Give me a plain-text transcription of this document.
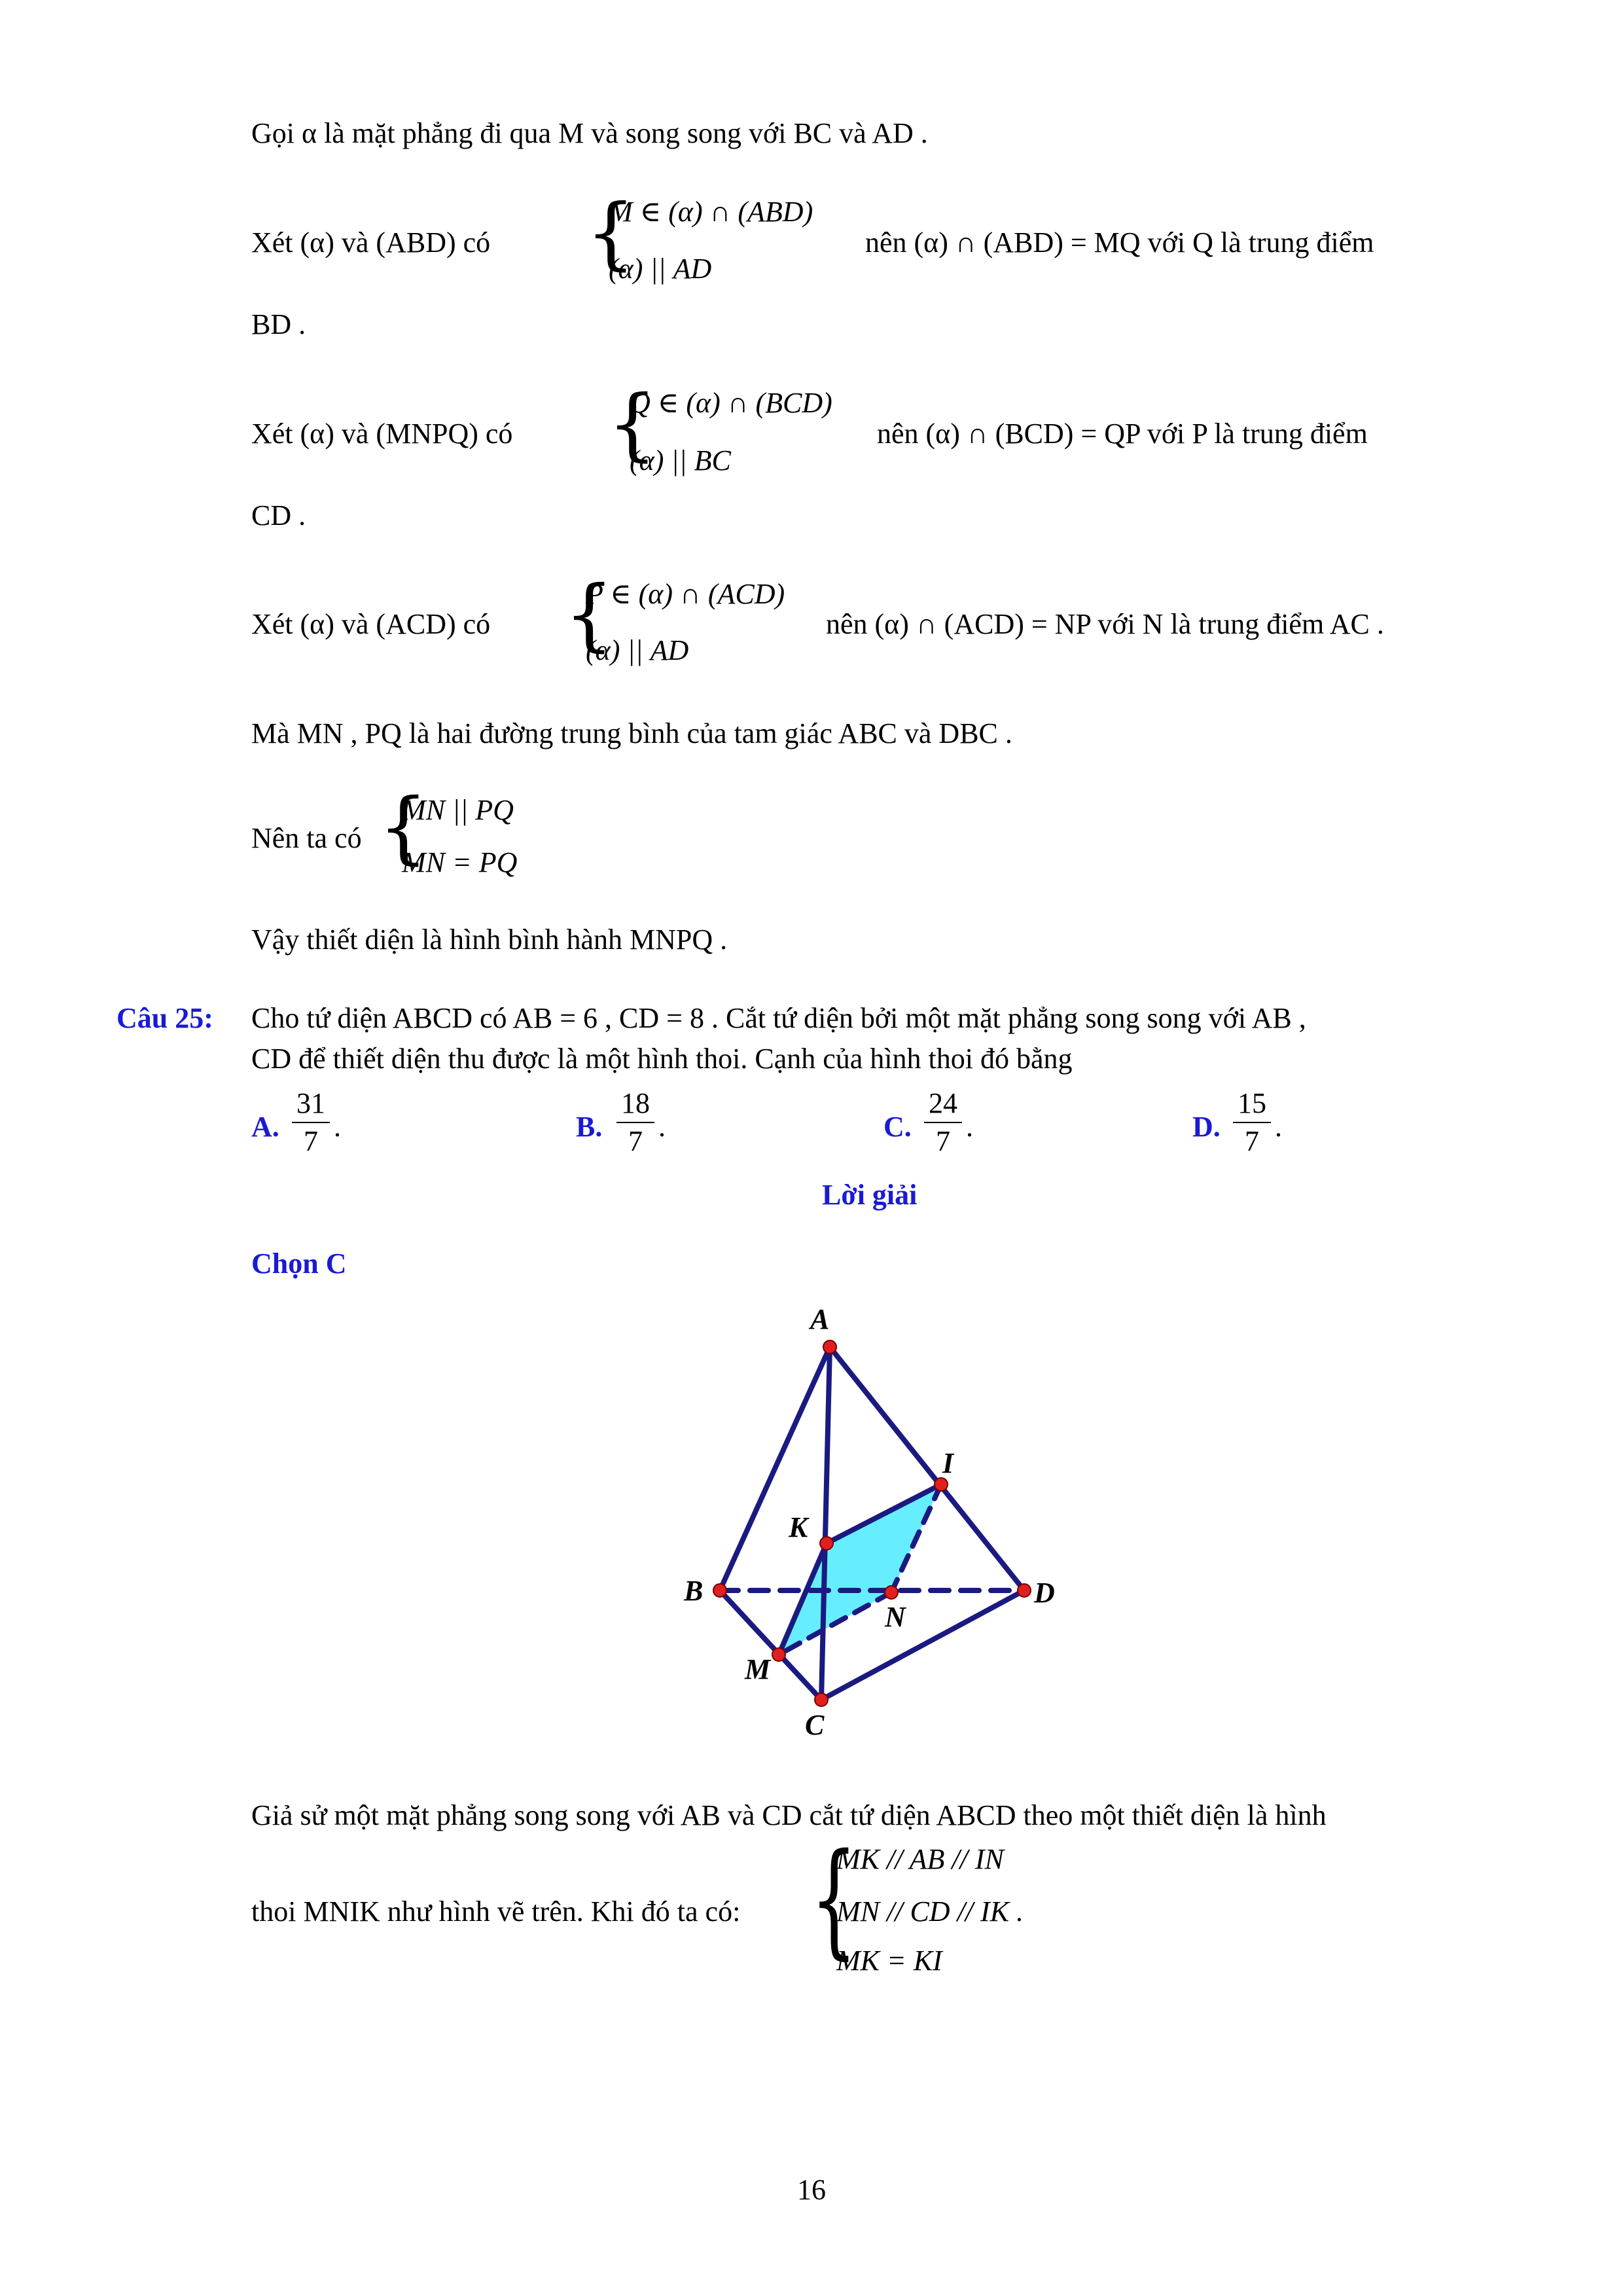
Gọi α là mặt phẳng đi qua M và song song với BC và AD .
Xét (α) và (ABD) có {
M ∈ (α) ∩ (ABD)
(α) || AD
nên (α) ∩ (ABD) = MQ với Q là trung điểm
BD .
Xét (α) và (MNPQ) có {
Q ∈ (α) ∩ (BCD)
(α) || BC
nên (α) ∩ (BCD) = QP với P là trung điểm
CD .
Xét (α) và (ACD) có {
P ∈ (α) ∩ (ACD)
(α) || AD
nên (α) ∩ (ACD) = NP với N là trung điểm AC .
Mà MN , PQ là hai đường trung bình của tam giác ABC và DBC .
Nên ta có {
MN || PQ
MN = PQ
Vậy thiết diện là hình bình hành MNPQ .
Câu 25: Cho tứ diện ABCD có AB = 6 , CD = 8 . Cắt tứ diện bởi một mặt phẳng song song với AB ,
CD để thiết diện thu được là một hình thoi. Cạnh của hình thoi đó bằng
A.
31
7 .	B.
18
7 .	C.
24
7 .	D.
15
7 .
Lời giải
Chọn C
A
B
C
D
I
K
M
N
Giả sử một mặt phẳng song song với AB và CD cắt tứ diện ABCD theo một thiết diện là hình
thoi MNIK như hình vẽ trên. Khi đó ta có: {
MK // AB // IN
MN // CD // IK .
MK = KI
16
